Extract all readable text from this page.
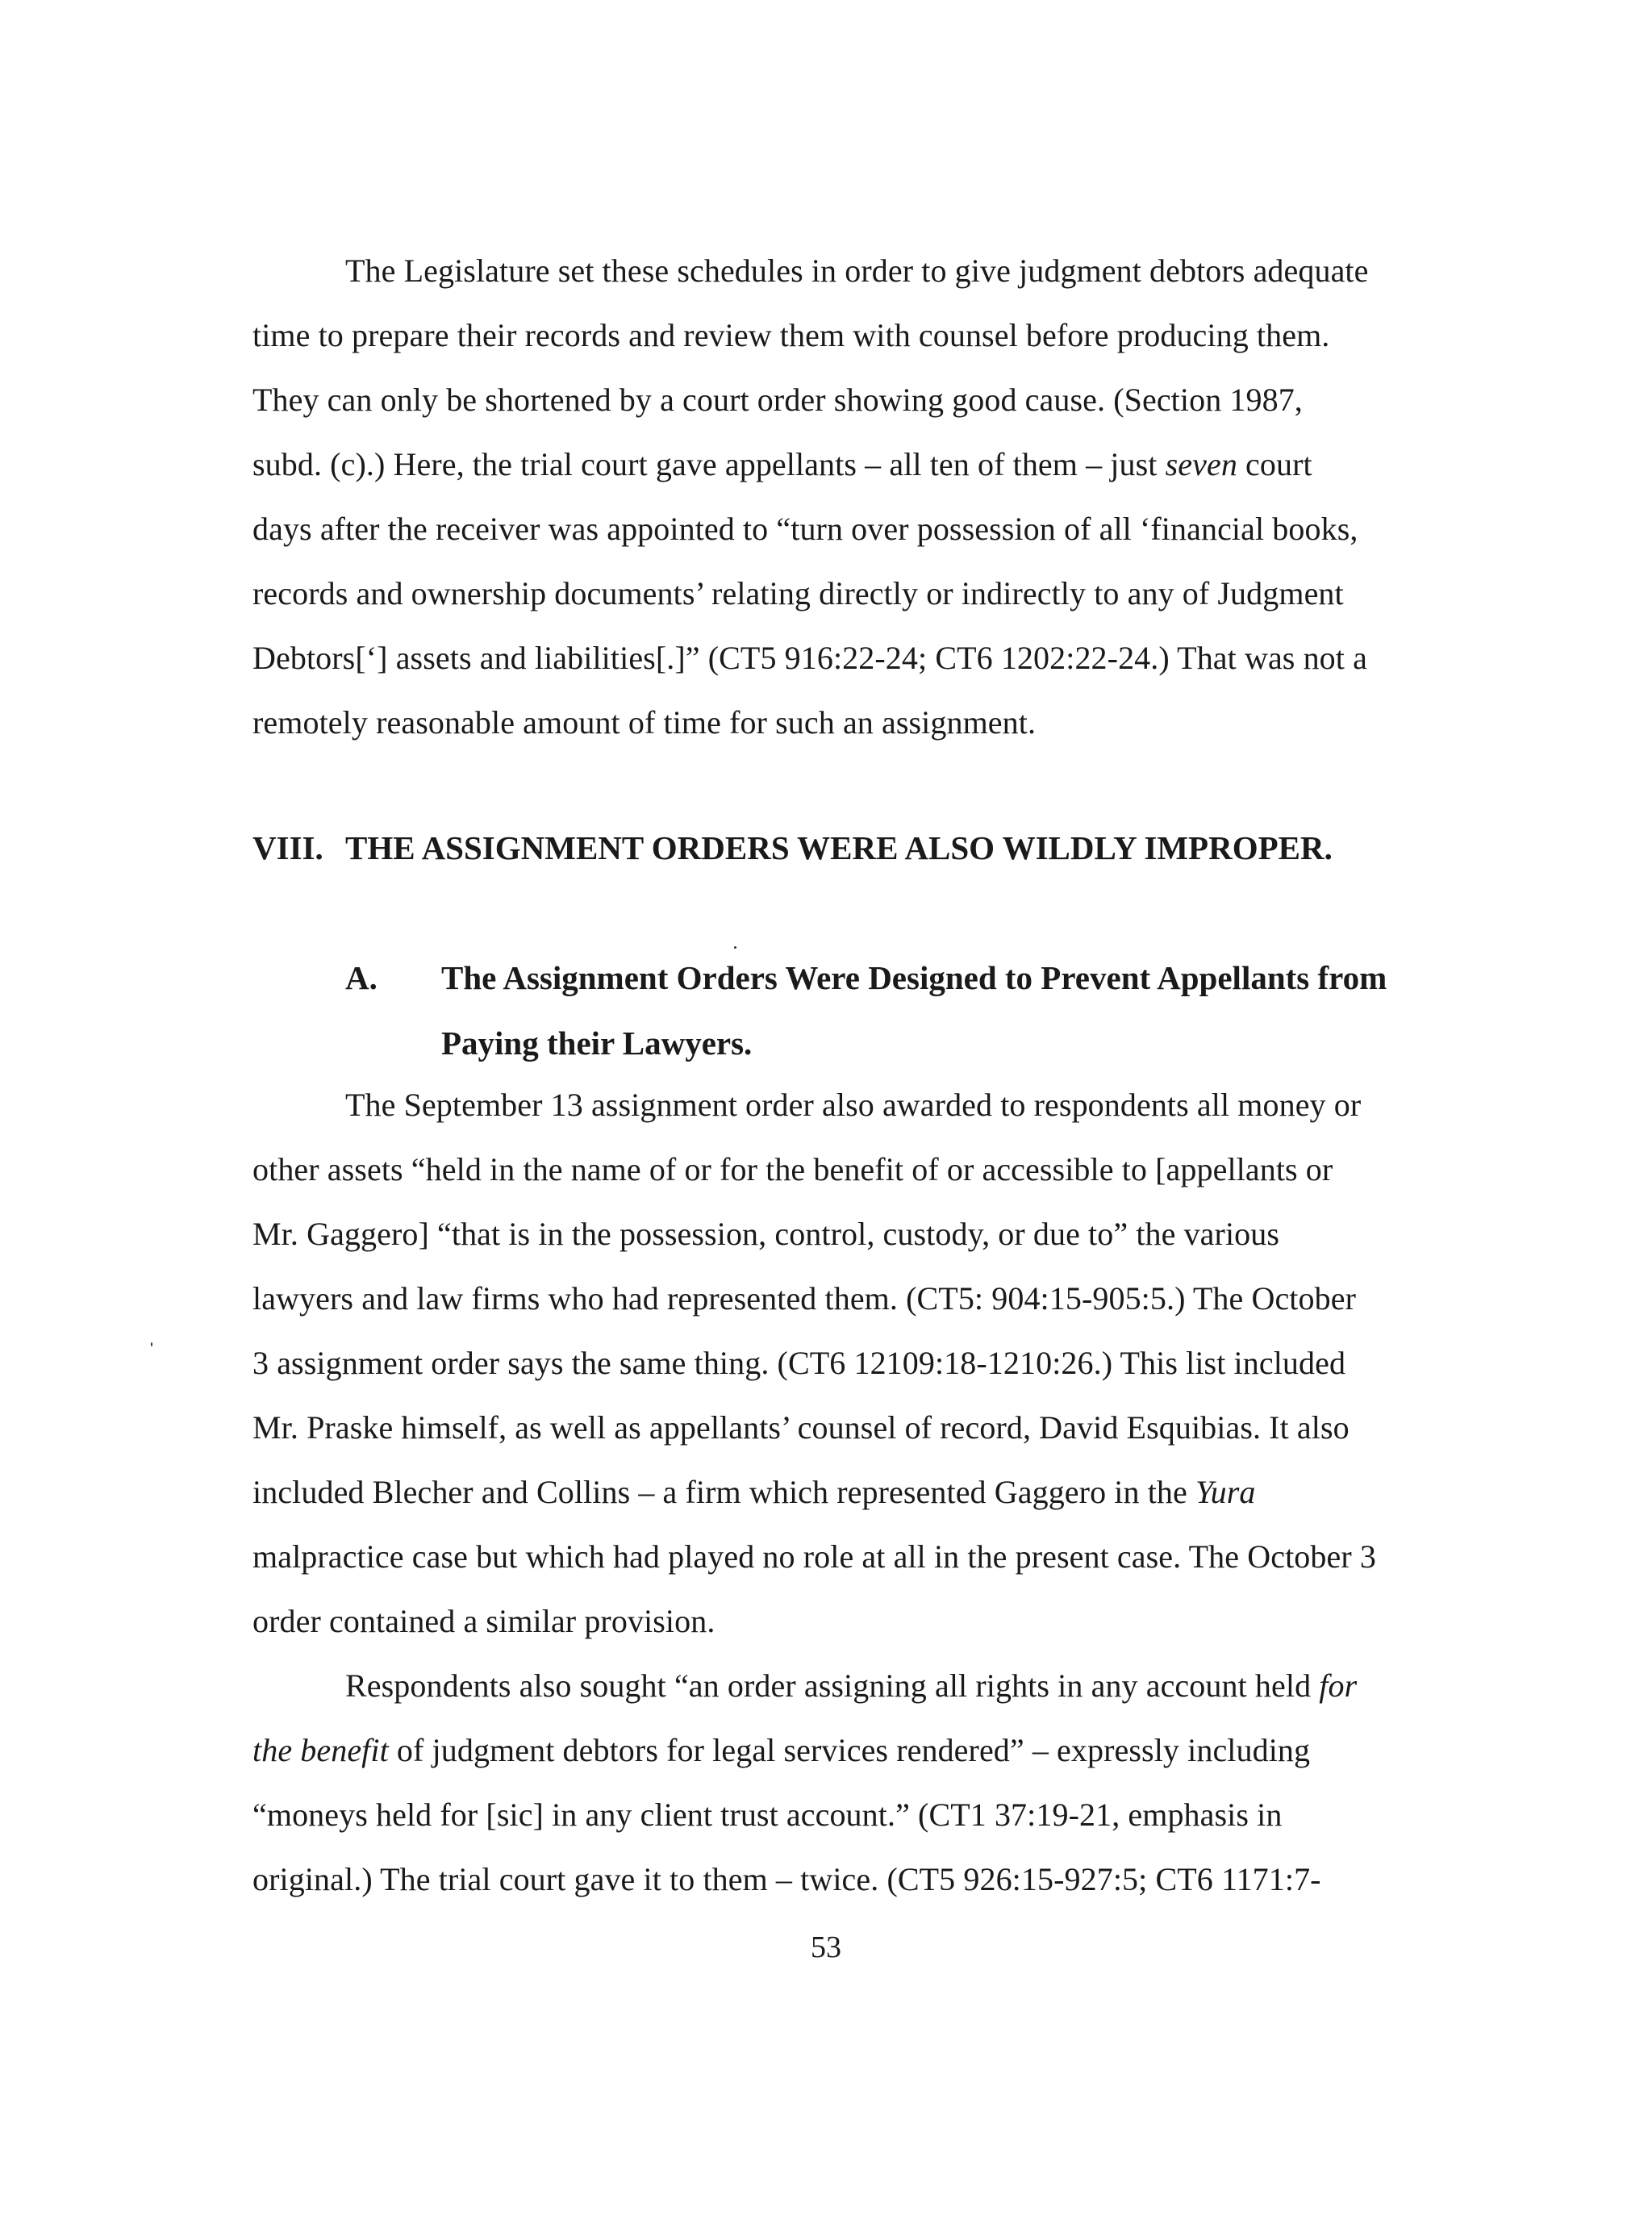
The Legislature set these schedules in order to give judgment debtors adequate
time to prepare their records and review them with counsel before producing them.
They can only be shortened by a court order showing good cause. (Section 1987,
subd. (c).) Here, the trial court gave appellants – all ten of them – just seven court
days after the receiver was appointed to “turn over possession of all ‘financial books,
records and ownership documents’ relating directly or indirectly to any of Judgment
Debtors[‘] assets and liabilities[.]” (CT5 916:22-24; CT6 1202:22-24.) That was not a
remotely reasonable amount of time for such an assignment.
VIII. THE ASSIGNMENT ORDERS WERE ALSO WILDLY IMPROPER.
A. The Assignment Orders Were Designed to Prevent Appellants from
Paying their Lawyers.
The September 13 assignment order also awarded to respondents all money or
other assets “held in the name of or for the benefit of or accessible to [appellants or
Mr. Gaggero] “that is in the possession, control, custody, or due to” the various
lawyers and law firms who had represented them. (CT5: 904:15-905:5.) The October
3 assignment order says the same thing. (CT6 12109:18-1210:26.) This list included
Mr. Praske himself, as well as appellants’ counsel of record, David Esquibias. It also
included Blecher and Collins – a firm which represented Gaggero in the Yura
malpractice case but which had played no role at all in the present case. The October 3
order contained a similar provision.
Respondents also sought “an order assigning all rights in any account held for
the benefit of judgment debtors for legal services rendered” – expressly including
“moneys held for [sic] in any client trust account.” (CT1 37:19-21, emphasis in
original.) The trial court gave it to them – twice. (CT5 926:15-927:5; CT6 1171:7-
53
